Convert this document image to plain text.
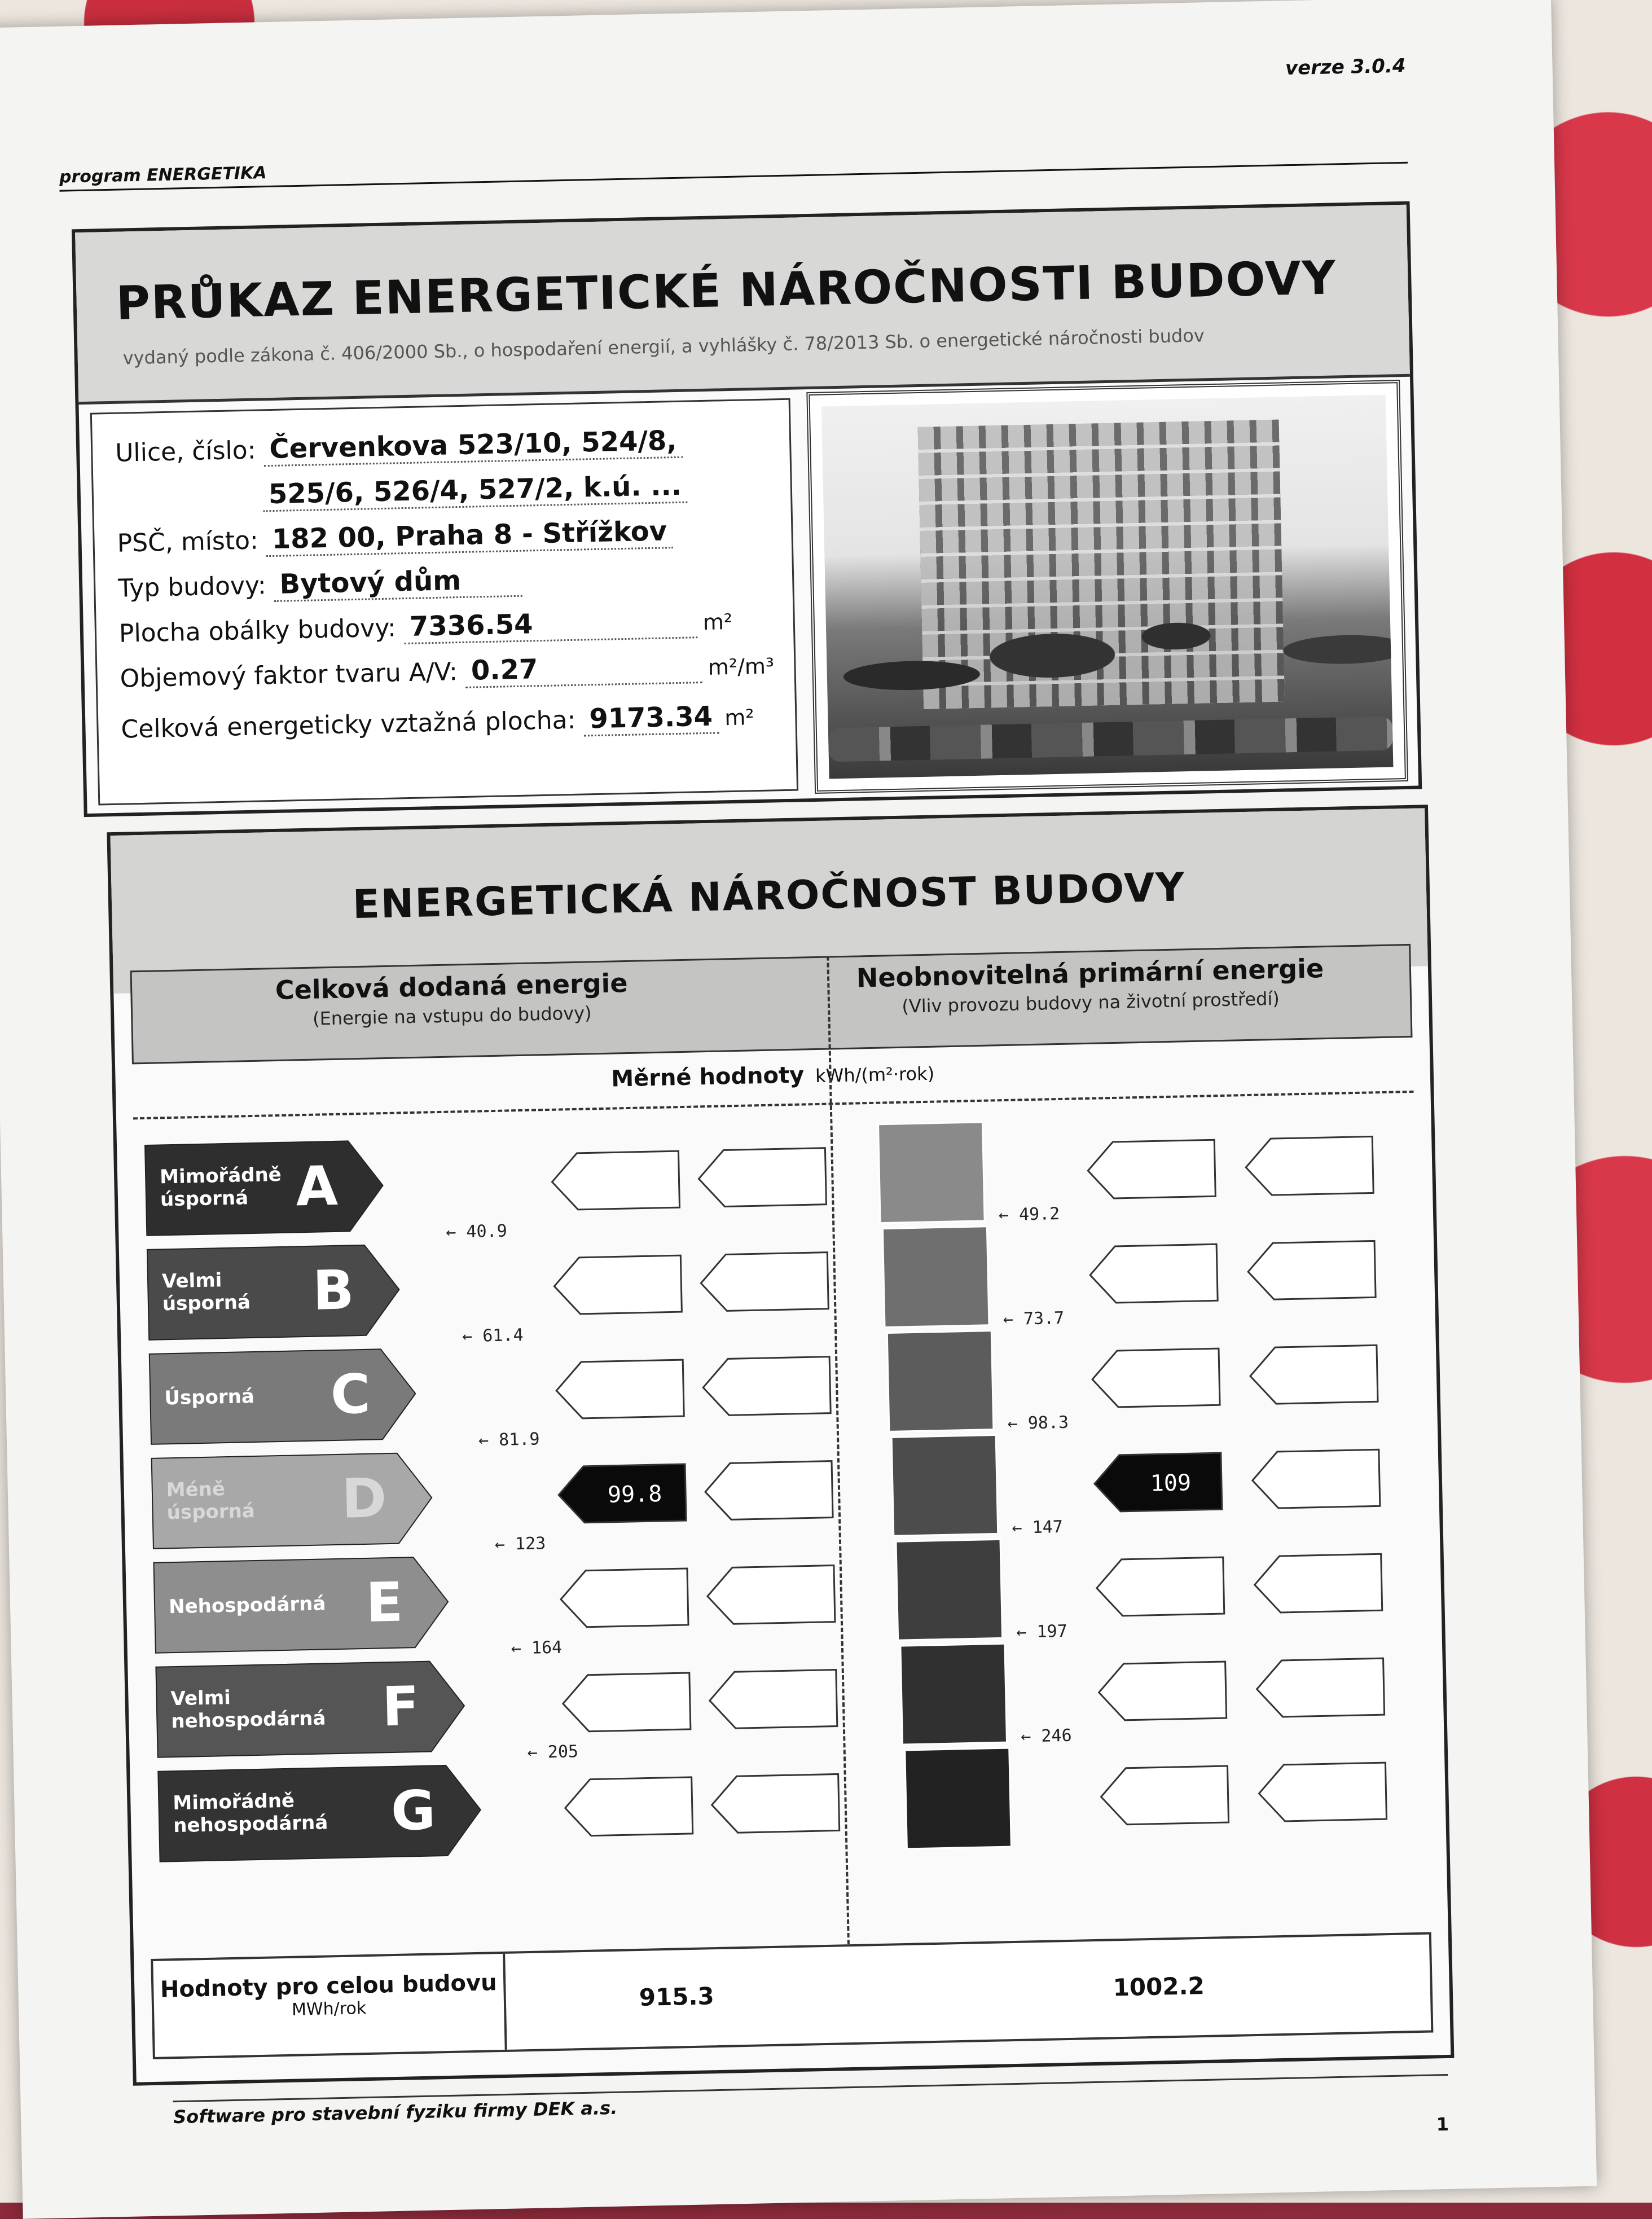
verze 3.0.4
program ENERGETIKA
PRŮKAZ ENERGETICKÉ NÁROČNOSTI BUDOVY
vydaný podle zákona č. 406/2000 Sb., o hospodaření energií, a vyhlášky č. 78/2013 Sb. o energetické náročnosti budov
Ulice, číslo: Červenkova 523/10, 524/8,
525/6, 526/4, 527/2, k.ú. ...
PSČ, místo: 182 00, Praha 8 - Střížkov
Typ budovy: Bytový dům
Plocha obálky budovy: 7336.54	m²
Objemový faktor tvaru A/V: 0.27	m²/m³
Celková energeticky vztažná plocha: 9173.34 m²
ENERGETICKÁ NÁROČNOST BUDOVY
Celková dodaná energie
(Energie na vstupu do budovy)
Neobnovitelná primární energie
(Vliv provozu budovy na životní prostředí)
Měrné hodnoty kWh/(m²·rok)
Mimořádněúsporná A
Velmiúsporná B
Úsporná C
Méněúsporná D	99.8	109
Nehospodárná E
Velminehospodárná F
Mimořádněnehospodárná G
← 40.9
← 61.4
← 81.9
← 123
← 164
← 205
← 49.2
← 73.7
← 98.3
← 147
← 197
← 246
Hodnoty pro celou budovu
MWh/rok	915.3	1002.2
Software pro stavební fyziku firmy DEK a.s.	1
